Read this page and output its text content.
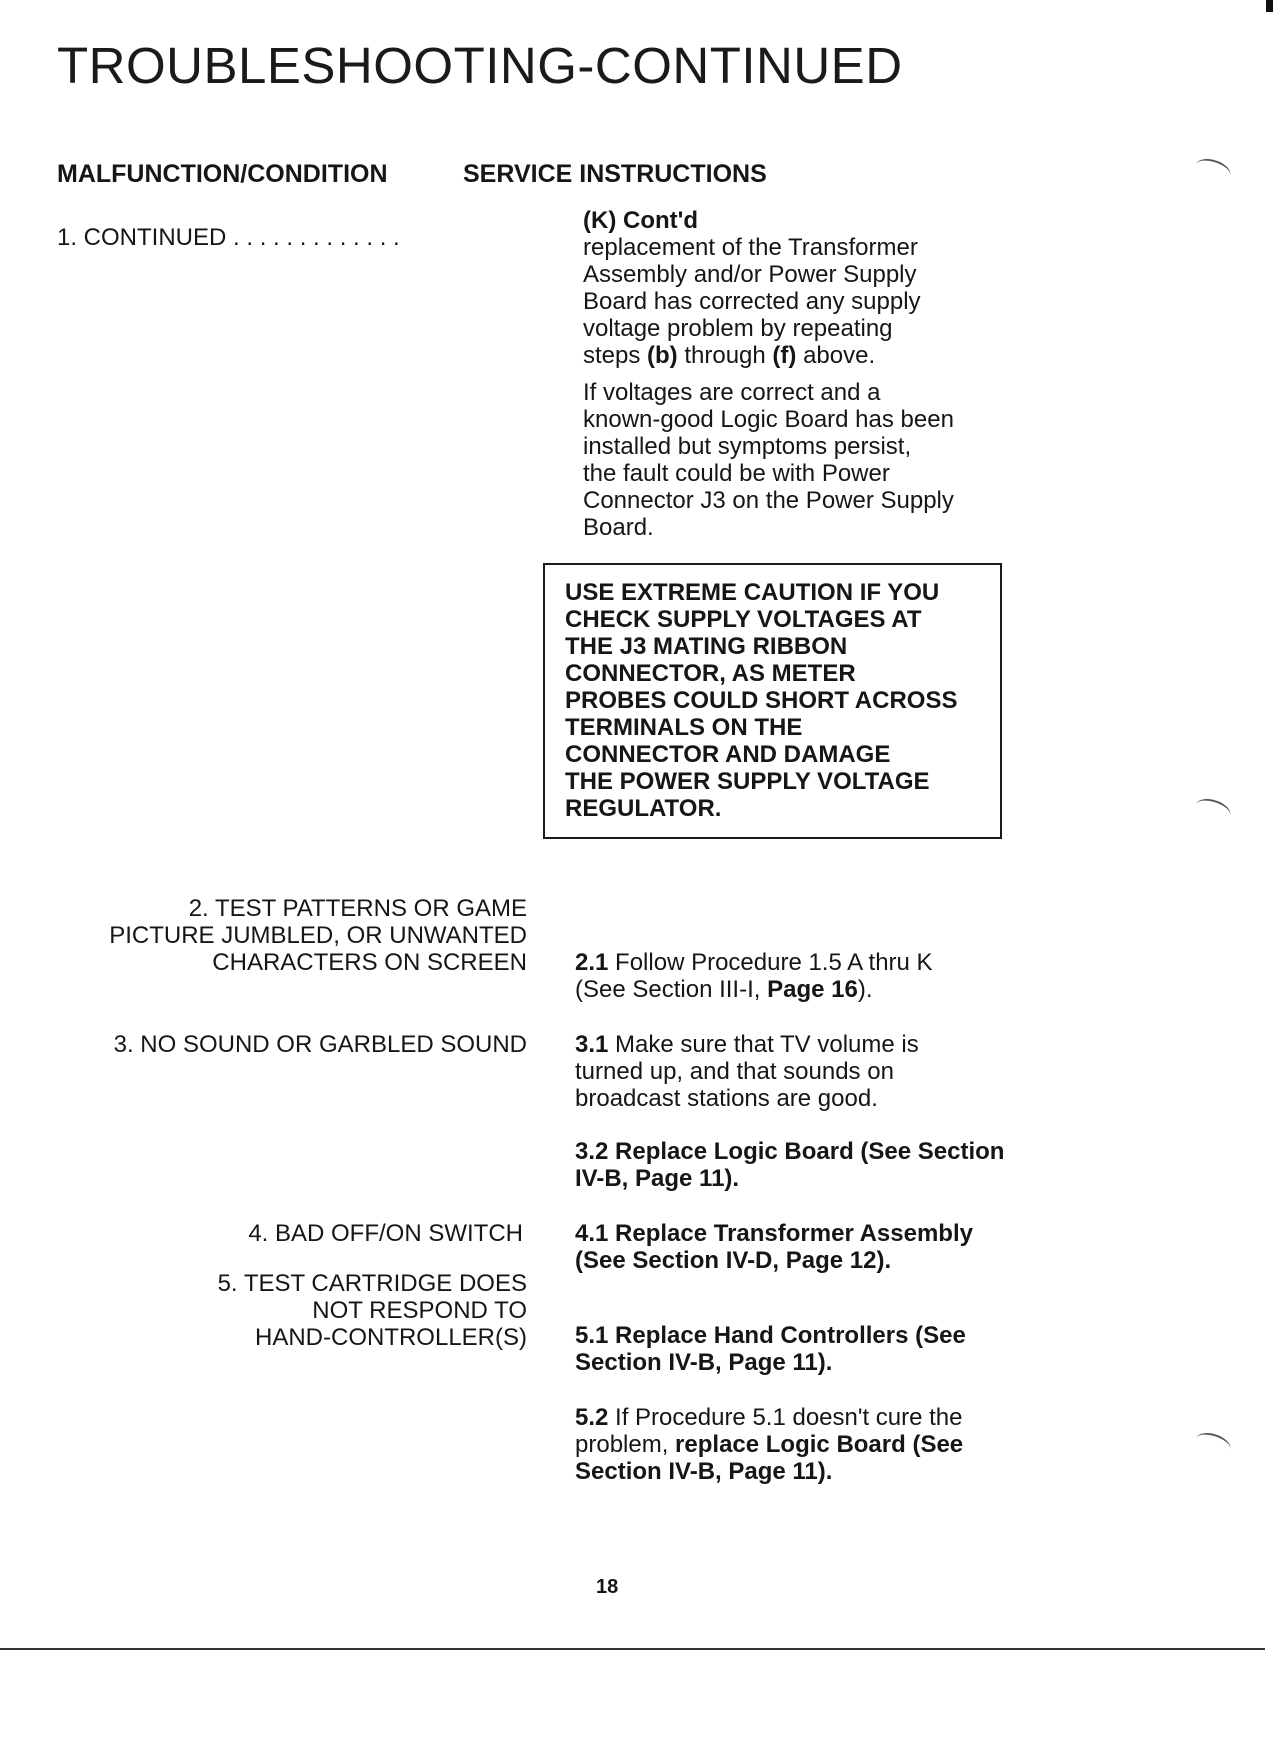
TROUBLESHOOTING-CONTINUED
MALFUNCTION/CONDITION	SERVICE INSTRUCTIONS
1. CONTINUED . . . . . . . . . . . . .
(K) Cont'd
replacement of the Transformer
Assembly and/or Power Supply
Board has corrected any supply
voltage problem by repeating
steps (b) through (f) above.
If voltages are correct and a
known-good Logic Board has been
installed but symptoms persist,
the fault could be with Power
Connector J3 on the Power Supply
Board.
USE EXTREME CAUTION IF YOU
CHECK SUPPLY VOLTAGES AT
THE J3 MATING RIBBON
CONNECTOR, AS METER
PROBES COULD SHORT ACROSS
TERMINALS ON THE
CONNECTOR AND DAMAGE
THE POWER SUPPLY VOLTAGE
REGULATOR.
2. TEST PATTERNS OR GAME
PICTURE JUMBLED, OR UNWANTED
CHARACTERS ON SCREEN 2.1 Follow Procedure 1.5 A thru K
(See Section III-I, Page 16).
3. NO SOUND OR GARBLED SOUND 3.1 Make sure that TV volume is
turned up, and that sounds on
broadcast stations are good.
3.2 Replace Logic Board (See Section
IV-B, Page 11).
4. BAD OFF/ON SWITCH 4.1 Replace Transformer Assembly
(See Section IV-D, Page 12).
5. TEST CARTRIDGE DOES
NOT RESPOND TO
HAND-CONTROLLER(S) 5.1 Replace Hand Controllers (See
Section IV-B, Page 11).
5.2 If Procedure 5.1 doesn't cure the
problem, replace Logic Board (See
Section IV-B, Page 11).
18
